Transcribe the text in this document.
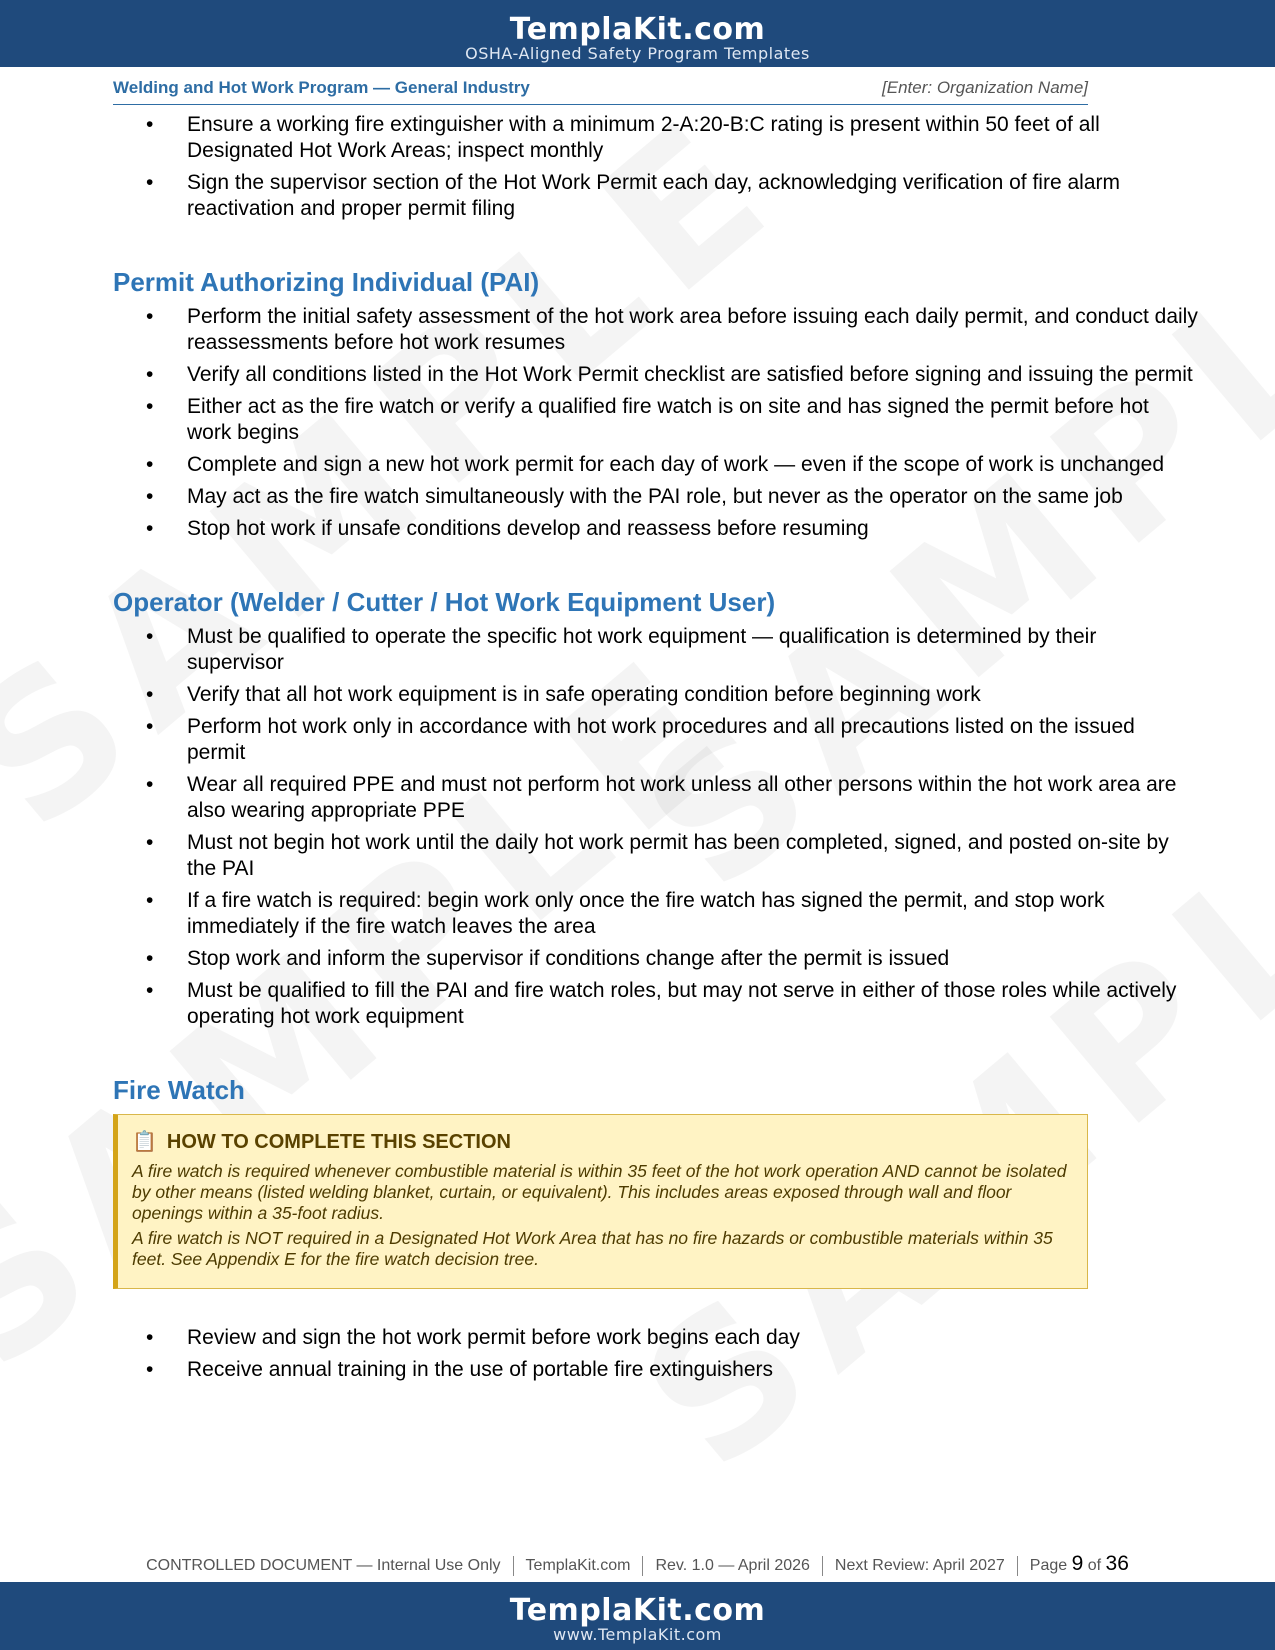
TemplaKit.com
OSHA-Aligned Safety Program Templates
Welding and Hot Work Program — General Industry	[Enter: Organization Name]
• Ensure a working fire extinguisher with a minimum 2-A:20-B:C rating is present within 50 feet of all Designated Hot Work Areas; inspect monthly
• Sign the supervisor section of the Hot Work Permit each day, acknowledging verification of fire alarm reactivation and proper permit filing
Permit Authorizing Individual (PAI)
• Perform the initial safety assessment of the hot work area before issuing each daily permit, and conduct daily reassessments before hot work resumes
• Verify all conditions listed in the Hot Work Permit checklist are satisfied before signing and issuing the permit
• Either act as the fire watch or verify a qualified fire watch is on site and has signed the permit before hot work begins
• Complete and sign a new hot work permit for each day of work — even if the scope of work is unchanged
• May act as the fire watch simultaneously with the PAI role, but never as the operator on the same job
• Stop hot work if unsafe conditions develop and reassess before resuming
Operator (Welder / Cutter / Hot Work Equipment User)
• Must be qualified to operate the specific hot work equipment — qualification is determined by their supervisor
• Verify that all hot work equipment is in safe operating condition before beginning work
• Perform hot work only in accordance with hot work procedures and all precautions listed on the issued permit
• Wear all required PPE and must not perform hot work unless all other persons within the hot work area are also wearing appropriate PPE
• Must not begin hot work until the daily hot work permit has been completed, signed, and posted on-site by the PAI
• If a fire watch is required: begin work only once the fire watch has signed the permit, and stop work immediately if the fire watch leaves the area
• Stop work and inform the supervisor if conditions change after the permit is issued
• Must be qualified to fill the PAI and fire watch roles, but may not serve in either of those roles while actively operating hot work equipment
Fire Watch
📋 HOW TO COMPLETE THIS SECTION

A fire watch is required whenever combustible material is within 35 feet of the hot work operation AND cannot be isolated by other means (listed welding blanket, curtain, or equivalent). This includes areas exposed through wall and floor openings within a 35-foot radius.

A fire watch is NOT required in a Designated Hot Work Area that has no fire hazards or combustible materials within 35 feet. See Appendix E for the fire watch decision tree.

• Review and sign the hot work permit before work begins each day
• Receive annual training in the use of portable fire extinguishers
CONTROLLED DOCUMENT — Internal Use Only TemplaKit.com Rev. 1.0 — April 2026 Next Review: April 2027 Page 9 of 36
TemplaKit.com
www.TemplaKit.com
